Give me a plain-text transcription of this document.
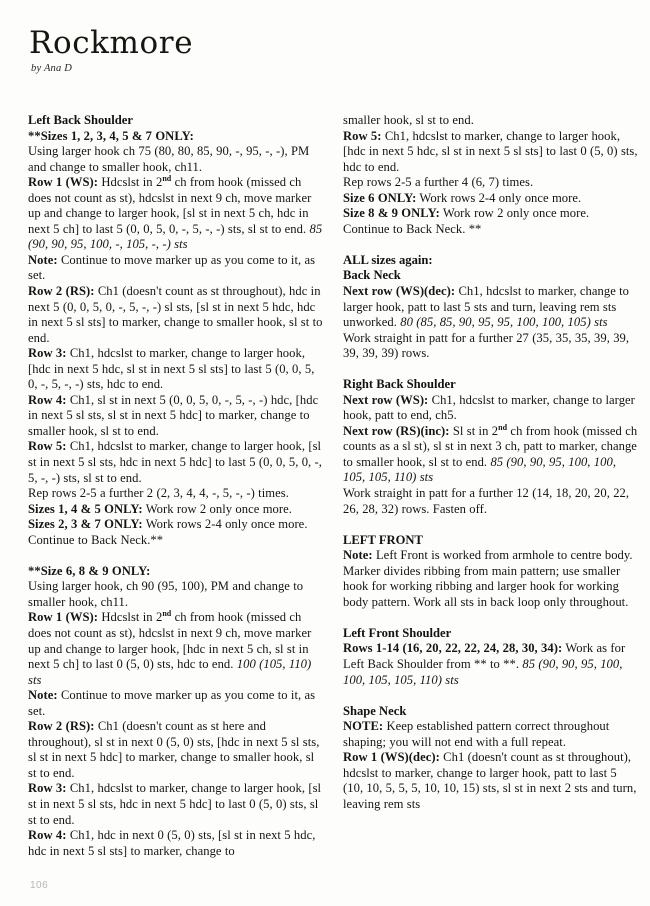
Rockmore
by Ana D
Left Back Shoulder

**Sizes 1, 2, 3, 4, 5 & 7 ONLY:

Using larger hook ch 75 (80, 80, 85, 90, -, 95, -, -), PM and change to smaller hook, ch11.

Row 1 (WS): Hdcslst in 2nd ch from hook (missed ch does not count as st), hdcslst in next 9 ch, move marker up and change to larger hook, [sl st in next 5 ch, hdc in next 5 ch] to last 5 (0, 0, 5, 0, -, 5, -, -) sts, sl st to end. 85 (90, 90, 95, 100, -, 105, -, -) sts

Note: Continue to move marker up as you come to it, as set.

Row 2 (RS): Ch1 (doesn't count as st throughout), hdc in next 5 (0, 0, 5, 0, -, 5, -, -) sl sts, [sl st in next 5 hdc, hdc in next 5 sl sts] to marker, change to smaller hook, sl st to end.

Row 3: Ch1, hdcslst to marker, change to larger hook, [hdc in next 5 hdc, sl st in next 5 sl sts] to last 5 (0, 0, 5, 0, -, 5, -, -) sts, hdc to end.

Row 4: Ch1, sl st in next 5 (0, 0, 5, 0, -, 5, -, -) hdc, [hdc in next 5 sl sts, sl st in next 5 hdc] to marker, change to smaller hook, sl st to end.

Row 5: Ch1, hdcslst to marker, change to larger hook, [sl st in next 5 sl sts, hdc in next 5 hdc] to last 5 (0, 0, 5, 0, -, 5, -, -) sts, sl st to end.

Rep rows 2-5 a further 2 (2, 3, 4, 4, -, 5, -, -) times.

Sizes 1, 4 & 5 ONLY: Work row 2 only once more.

Sizes 2, 3 & 7 ONLY: Work rows 2-4 only once more.

Continue to Back Neck.**

**Size 6, 8 & 9 ONLY:

Using larger hook, ch 90 (95, 100), PM and change to smaller hook, ch11.

Row 1 (WS): Hdcslst in 2nd ch from hook (missed ch does not count as st), hdcslst in next 9 ch, move marker up and change to larger hook, [hdc in next 5 ch, sl st in next 5 ch] to last 0 (5, 0) sts, hdc to end. 100 (105, 110) sts

Note: Continue to move marker up as you come to it, as set.

Row 2 (RS): Ch1 (doesn't count as st here and throughout), sl st in next 0 (5, 0) sts, [hdc in next 5 sl sts, sl st in next 5 hdc] to marker, change to smaller hook, sl st to end.

Row 3: Ch1, hdcslst to marker, change to larger hook, [sl st in next 5 sl sts, hdc in next 5 hdc] to last 0 (5, 0) sts, sl st to end.

Row 4: Ch1, hdc in next 0 (5, 0) sts, [sl st in next 5 hdc, hdc in next 5 sl sts] to marker, change to

smaller hook, sl st to end.

Row 5: Ch1, hdcslst to marker, change to larger hook, [hdc in next 5 hdc, sl st in next 5 sl sts] to last 0 (5, 0) sts, hdc to end.

Rep rows 2-5 a further 4 (6, 7) times.

Size 6 ONLY: Work rows 2-4 only once more.

Size 8 & 9 ONLY: Work row 2 only once more.

Continue to Back Neck. **

ALL sizes again:
Back Neck

Next row (WS)(dec): Ch1, hdcslst to marker, change to larger hook, patt to last 5 sts and turn, leaving rem sts unworked. 80 (85, 85, 90, 95, 95, 100, 100, 105) sts

Work straight in patt for a further 27 (35, 35, 35, 39, 39, 39, 39, 39) rows.

Right Back Shoulder

Next row (WS): Ch1, hdcslst to marker, change to larger hook, patt to end, ch5.

Next row (RS)(inc): Sl st in 2nd ch from hook (missed ch counts as a sl st), sl st in next 3 ch, patt to marker, change to smaller hook, sl st to end. 85 (90, 90, 95, 100, 100, 105, 105, 110) sts

Work straight in patt for a further 12 (14, 18, 20, 20, 22, 26, 28, 32) rows. Fasten off.

LEFT FRONT

Note: Left Front is worked from armhole to centre body. Marker divides ribbing from main pattern; use smaller hook for working ribbing and larger hook for working body pattern. Work all sts in back loop only throughout.

Left Front Shoulder

Rows 1-14 (16, 20, 22, 22, 24, 28, 30, 34): Work as for Left Back Shoulder from ** to **. 85 (90, 90, 95, 100, 100, 105, 105, 110) sts

Shape Neck

NOTE: Keep established pattern correct throughout shaping; you will not end with a full repeat.

Row 1 (WS)(dec): Ch1 (doesn't count as st throughout), hdcslst to marker, change to larger hook, patt to last 5 (10, 10, 5, 5, 5, 10, 10, 15) sts, sl st in next 2 sts and turn, leaving rem sts

106
